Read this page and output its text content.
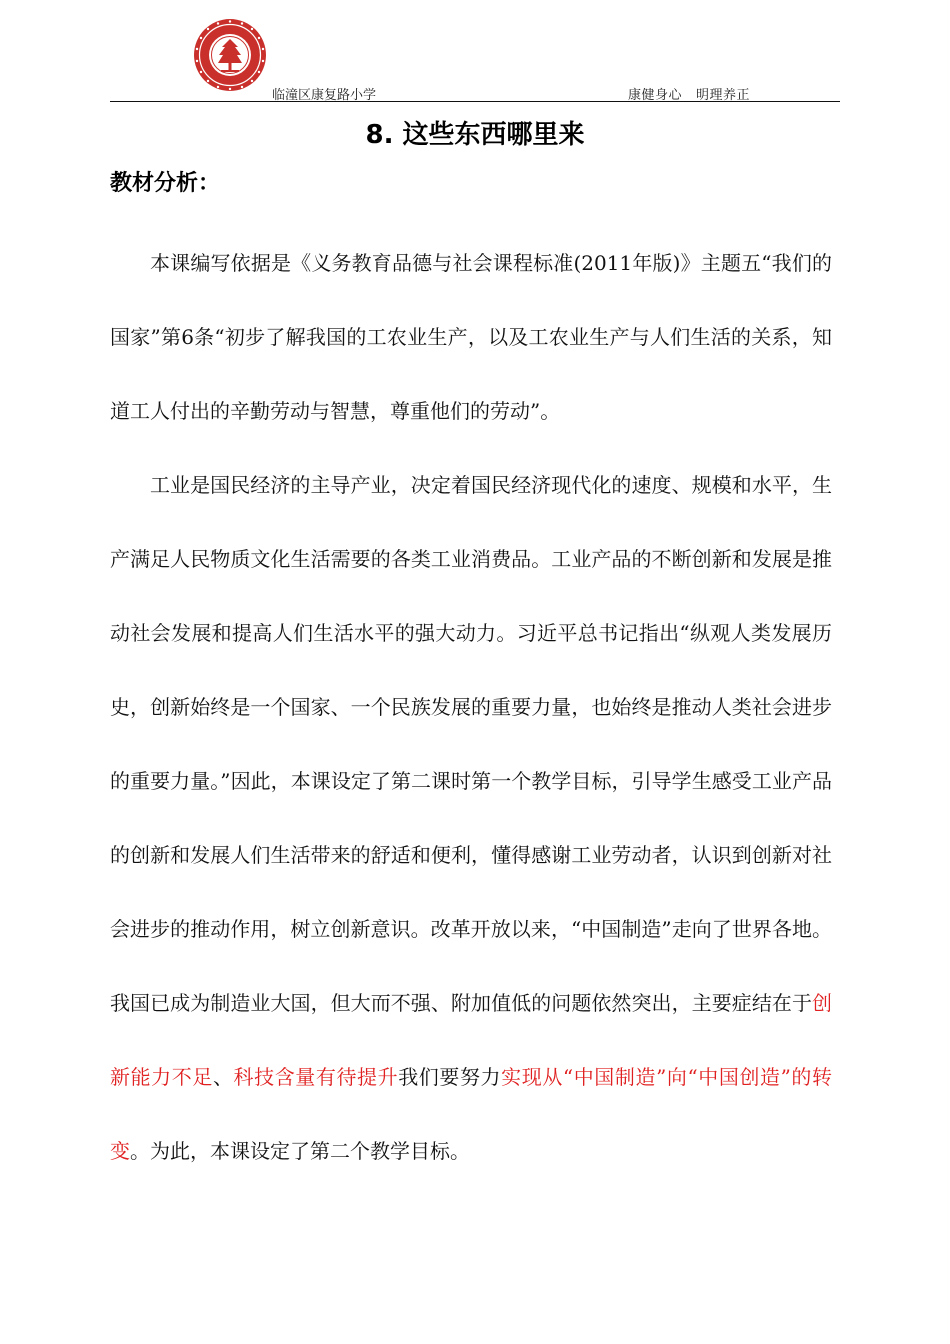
临潼区康复路小学	康健身心 明理养正
8. 这些东西哪里来
教材分析：

本课编写依据是《义务教育品德与社会课程标准(2011年版)》主题五“我们的国家”第6条“初步了解我国的工农业生产，以及工农业生产与人们生活的关系，知道工人付出的辛勤劳动与智慧，尊重他们的劳动”。

工业是国民经济的主导产业，决定着国民经济现代化的速度、规模和水平，生产满足人民物质文化生活需要的各类工业消费品。工业产品的不断创新和发展是推动社会发展和提高人们生活水平的强大动力。习近平总书记指出“纵观人类发展历史，创新始终是一个国家、一个民族发展的重要力量，也始终是推动人类社会进步的重要力量。”因此，本课设定了第二课时第一个教学目标，引导学生感受工业产品的创新和发展人们生活带来的舒适和便利，懂得感谢工业劳动者，认识到创新对社会进步的推动作用，树立创新意识。改革开放以来，“中国制造”走向了世界各地。我国已成为制造业大国，但大而不强、附加值低的问题依然突出，主要症结在于创新能力不足、科技含量有待提升我们要努力实现从“中国制造”向“中国创造”的转变。为此，本课设定了第二个教学目标。
